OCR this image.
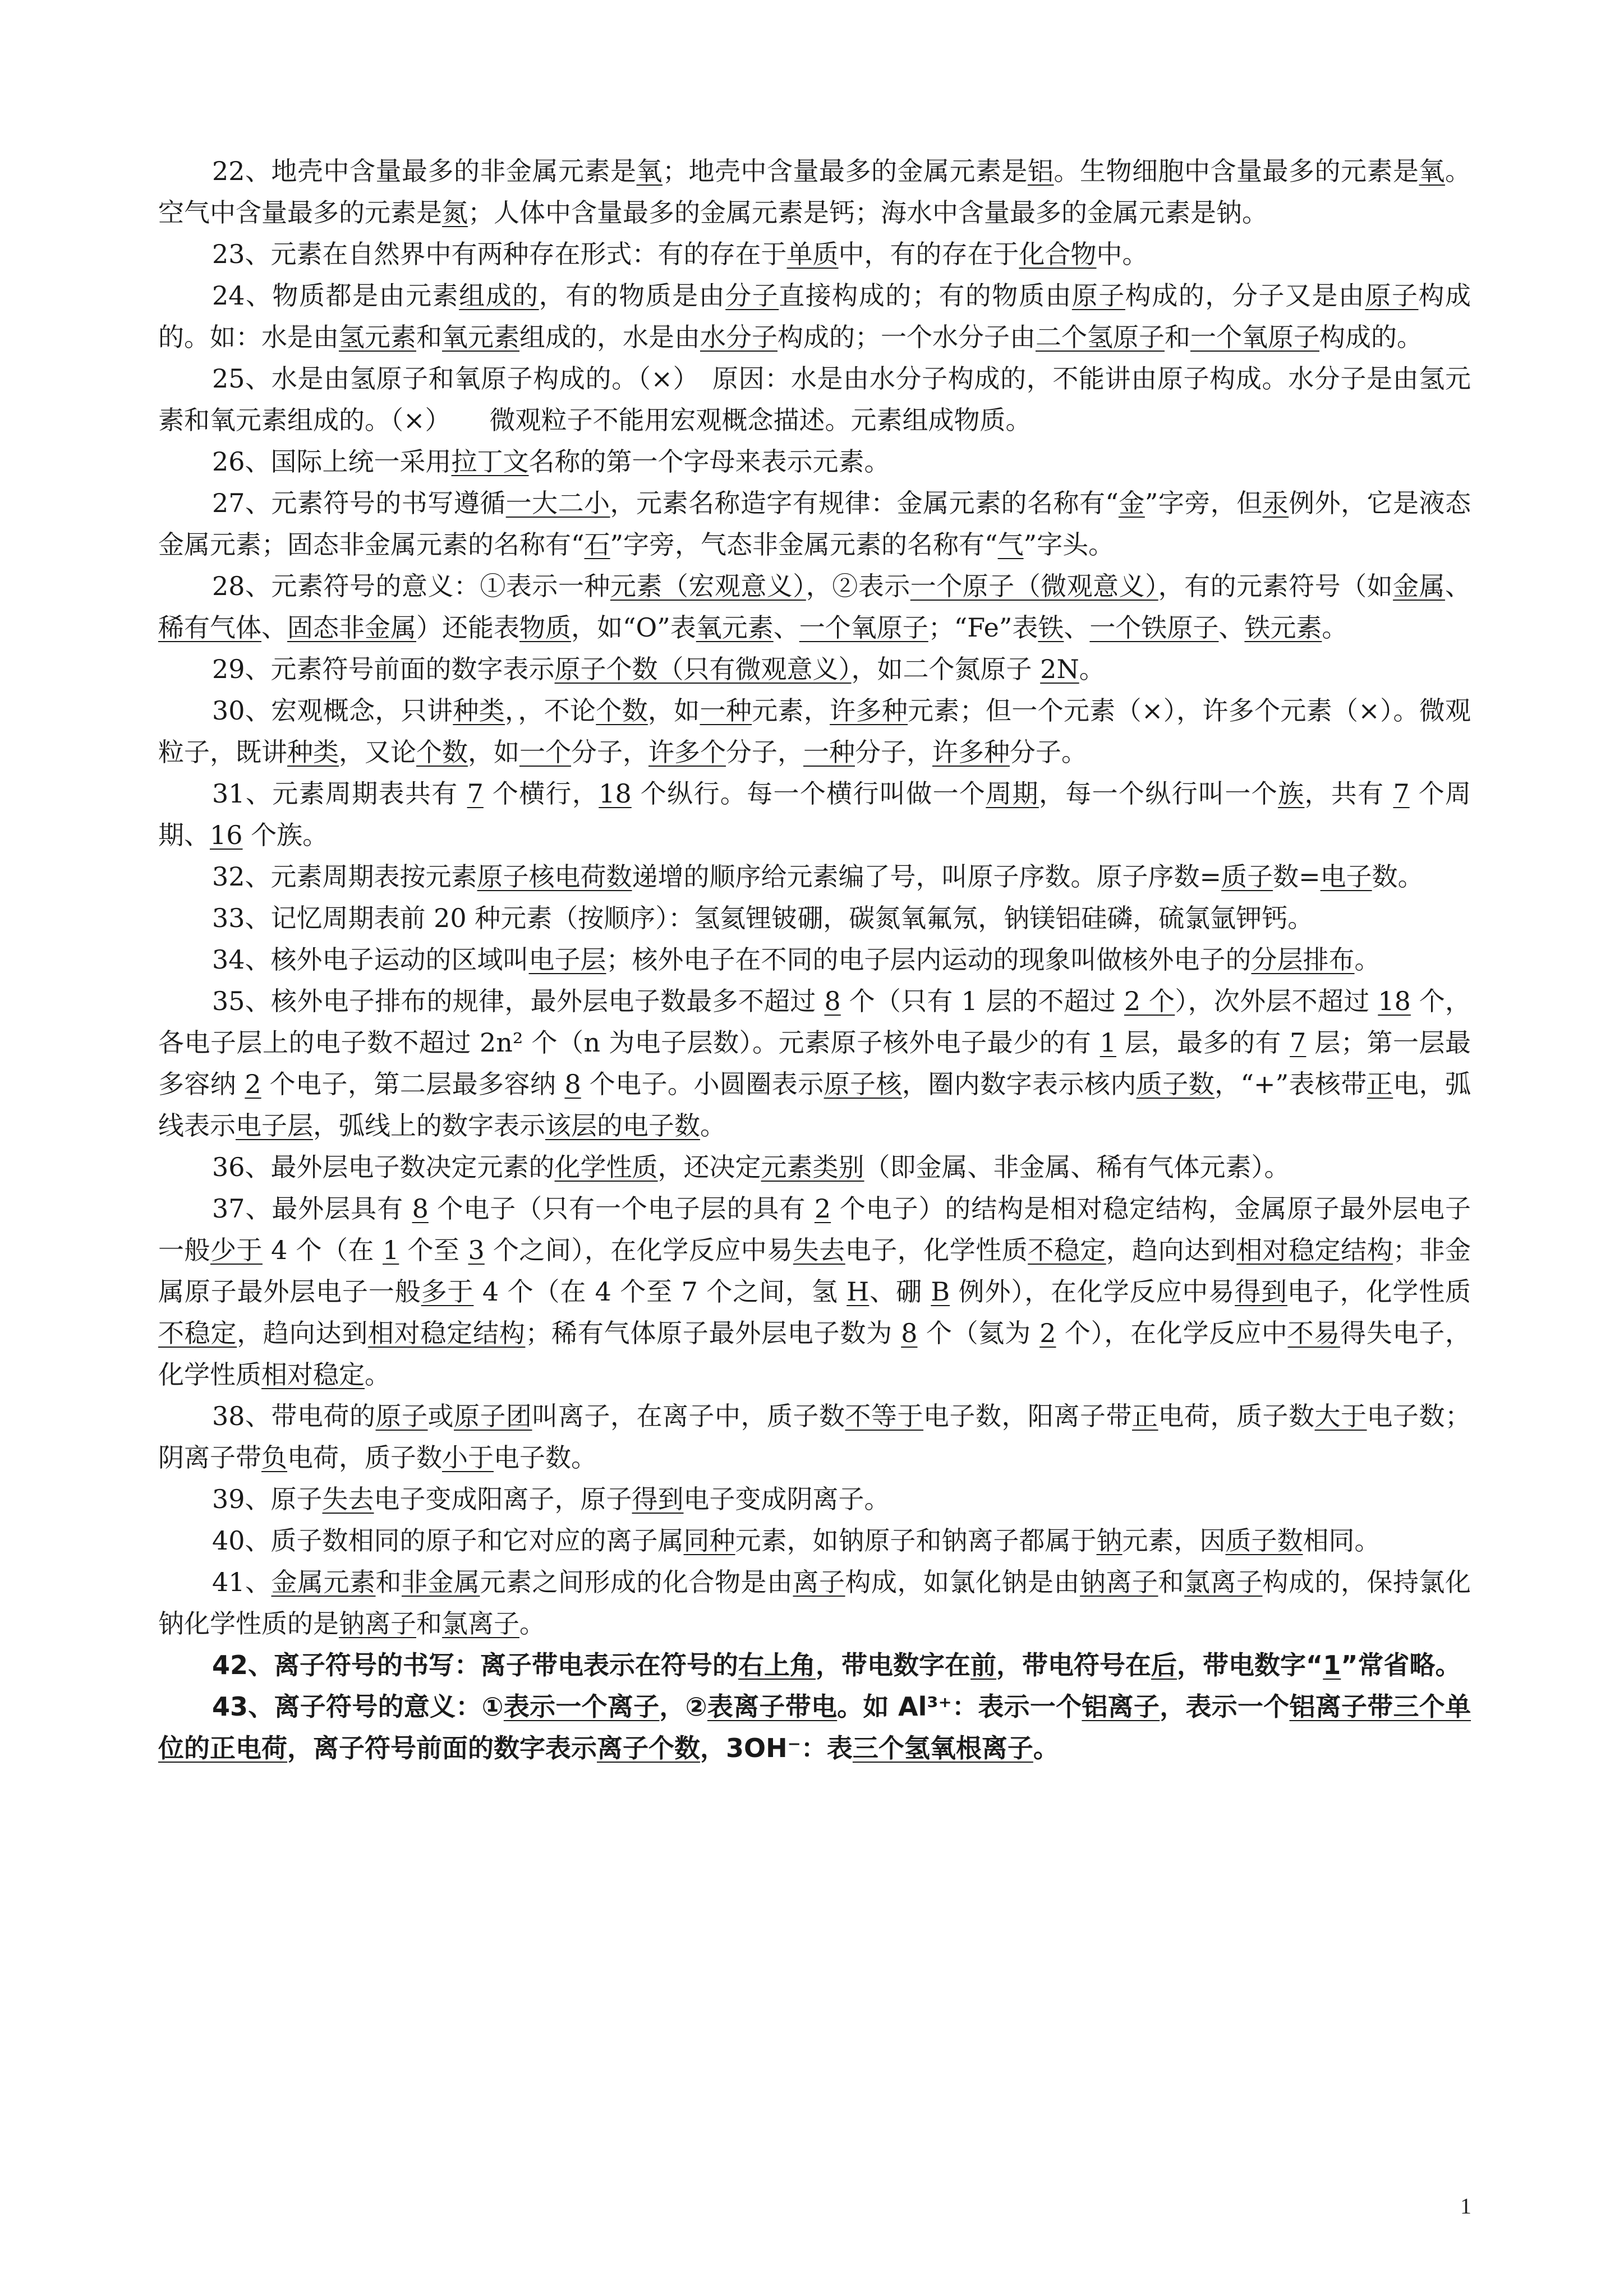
22、地壳中含量最多的非金属元素是氧；地壳中含量最多的金属元素是铝。生物细胞中含量最多的元素是氧。空气中含量最多的元素是氮；人体中含量最多的金属元素是钙；海水中含量最多的金属元素是钠。

23、元素在自然界中有两种存在形式：有的存在于单质中，有的存在于化合物中。

24、物质都是由元素组成的，有的物质是由分子直接构成的；有的物质由原子构成的，分子又是由原子构成的。如：水是由氢元素和氧元素组成的，水是由水分子构成的；一个水分子由二个氢原子和一个氧原子构成的。

25、水是由氢原子和氧原子构成的。（×）　原因：水是由水分子构成的，不能讲由原子构成。水分子是由氢元素和氧元素组成的。（×）　　微观粒子不能用宏观概念描述。元素组成物质。

26、国际上统一采用拉丁文名称的第一个字母来表示元素。

27、元素符号的书写遵循一大二小，元素名称造字有规律：金属元素的名称有“金”字旁，但汞例外，它是液态金属元素；固态非金属元素的名称有“石”字旁，气态非金属元素的名称有“气”字头。

28、元素符号的意义：①表示一种元素（宏观意义），②表示一个原子（微观意义），有的元素符号（如金属、稀有气体、固态非金属）还能表物质，如“O”表氧元素、一个氧原子；“Fe”表铁、一个铁原子、铁元素。

29、元素符号前面的数字表示原子个数（只有微观意义），如二个氮原子 2N。

30、宏观概念，只讲种类，，不论个数，如一种元素，许多种元素；但一个元素（×），许多个元素（×）。微观粒子，既讲种类，又论个数，如一个分子，许多个分子，一种分子，许多种分子。

31、元素周期表共有 7 个横行，18 个纵行。每一个横行叫做一个周期，每一个纵行叫一个族，共有 7 个周期、16 个族。

32、元素周期表按元素原子核电荷数递增的顺序给元素编了号，叫原子序数。原子序数=质子数=电子数。

33、记忆周期表前 20 种元素（按顺序）：氢氦锂铍硼，碳氮氧氟氖，钠镁铝硅磷，硫氯氩钾钙。

34、核外电子运动的区域叫电子层；核外电子在不同的电子层内运动的现象叫做核外电子的分层排布。

35、核外电子排布的规律，最外层电子数最多不超过 8 个（只有 1 层的不超过 2 个），次外层不超过 18 个，各电子层上的电子数不超过 2n² 个（n 为电子层数）。元素原子核外电子最少的有 1 层，最多的有 7 层；第一层最多容纳 2 个电子，第二层最多容纳 8 个电子。小圆圈表示原子核，圈内数字表示核内质子数，“+”表核带正电，弧线表示电子层，弧线上的数字表示该层的电子数。

36、最外层电子数决定元素的化学性质，还决定元素类别（即金属、非金属、稀有气体元素）。

37、最外层具有 8 个电子（只有一个电子层的具有 2 个电子）的结构是相对稳定结构，金属原子最外层电子一般少于 4 个（在 1 个至 3 个之间），在化学反应中易失去电子，化学性质不稳定，趋向达到相对稳定结构；非金属原子最外层电子一般多于 4 个（在 4 个至 7 个之间，氢 H、硼 B 例外），在化学反应中易得到电子，化学性质不稳定，趋向达到相对稳定结构；稀有气体原子最外层电子数为 8 个（氦为 2 个），在化学反应中不易得失电子，化学性质相对稳定。

38、带电荷的原子或原子团叫离子，在离子中，质子数不等于电子数，阳离子带正电荷，质子数大于电子数；阴离子带负电荷，质子数小于电子数。

39、原子失去电子变成阳离子，原子得到电子变成阴离子。

40、质子数相同的原子和它对应的离子属同种元素，如钠原子和钠离子都属于钠元素，因质子数相同。

41、金属元素和非金属元素之间形成的化合物是由离子构成，如氯化钠是由钠离子和氯离子构成的，保持氯化钠化学性质的是钠离子和氯离子。

42、离子符号的书写：离子带电表示在符号的右上角，带电数字在前，带电符号在后，带电数字“1”常省略。

43、离子符号的意义：①表示一个离子，②表离子带电。如 Al³⁺：表示一个铝离子，表示一个铝离子带三个单位的正电荷，离子符号前面的数字表示离子个数，3OH⁻：表三个氢氧根离子。

1
